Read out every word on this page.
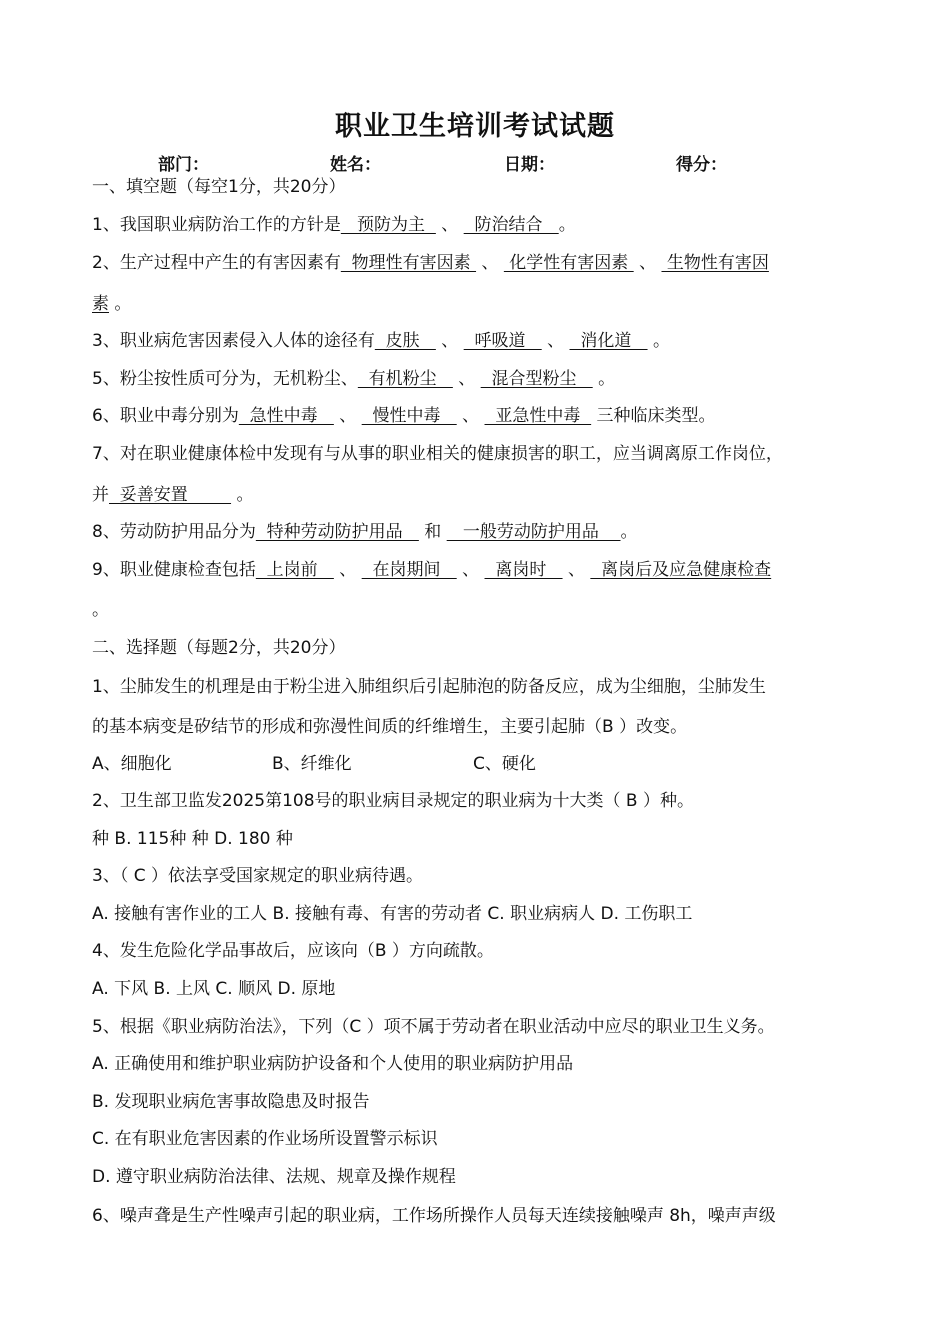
职业卫生培训考试试题
部门：	姓名：	日期：	得分：
一、填空题（每空1分，共20分）
1、我国职业病防治工作的方针是   预防为主   、   防治结合   。
2、生产过程中产生的有害因素有  物理性有害因素  、  化学性有害因素  、  生物性有害因
素 。
3、职业病危害因素侵入人体的途径有  皮肤    、   呼吸道    、   消化道    。
5、粉尘按性质可分为，无机粉尘、  有机粉尘    、   混合型粉尘    。
6、职业中毒分别为  急性中毒    、   慢性中毒    、   亚急性中毒   三种临床类型。
7、对在职业健康体检中发现有与从事的职业相关的健康损害的职工，应当调离原工作岗位，
并  妥善安置         。
8、劳动防护用品分为  特种劳动防护用品    和    一般劳动防护用品    。
9、职业健康检查包括  上岗前    、   在岗期间    、   离岗时    、   离岗后及应急健康检查
。
二、选择题（每题2分，共20分）
1、尘肺发生的机理是由于粉尘进入肺组织后引起肺泡的防备反应，成为尘细胞，尘肺发生
的基本病变是矽结节的形成和弥漫性间质的纤维增生，主要引起肺（B ）改变。
A、细胞化	B、纤维化	C、硬化
2、卫生部卫监发2025第108号的职业病目录规定的职业病为十大类（ B ）种。
种 B. 115种 种 D. 180 种
3、（ C ）依法享受国家规定的职业病待遇。
A. 接触有害作业的工人 B. 接触有毒、有害的劳动者 C. 职业病病人 D. 工伤职工
4、发生危险化学品事故后，应该向（B ）方向疏散。
A. 下风 B. 上风 C. 顺风 D. 原地
5、根据《职业病防治法》，下列（C ）项不属于劳动者在职业活动中应尽的职业卫生义务。
A. 正确使用和维护职业病防护设备和个人使用的职业病防护用品
B. 发现职业病危害事故隐患及时报告
C. 在有职业危害因素的作业场所设置警示标识
D. 遵守职业病防治法律、法规、规章及操作规程
6、噪声聋是生产性噪声引起的职业病，工作场所操作人员每天连续接触噪声 8h，噪声声级
